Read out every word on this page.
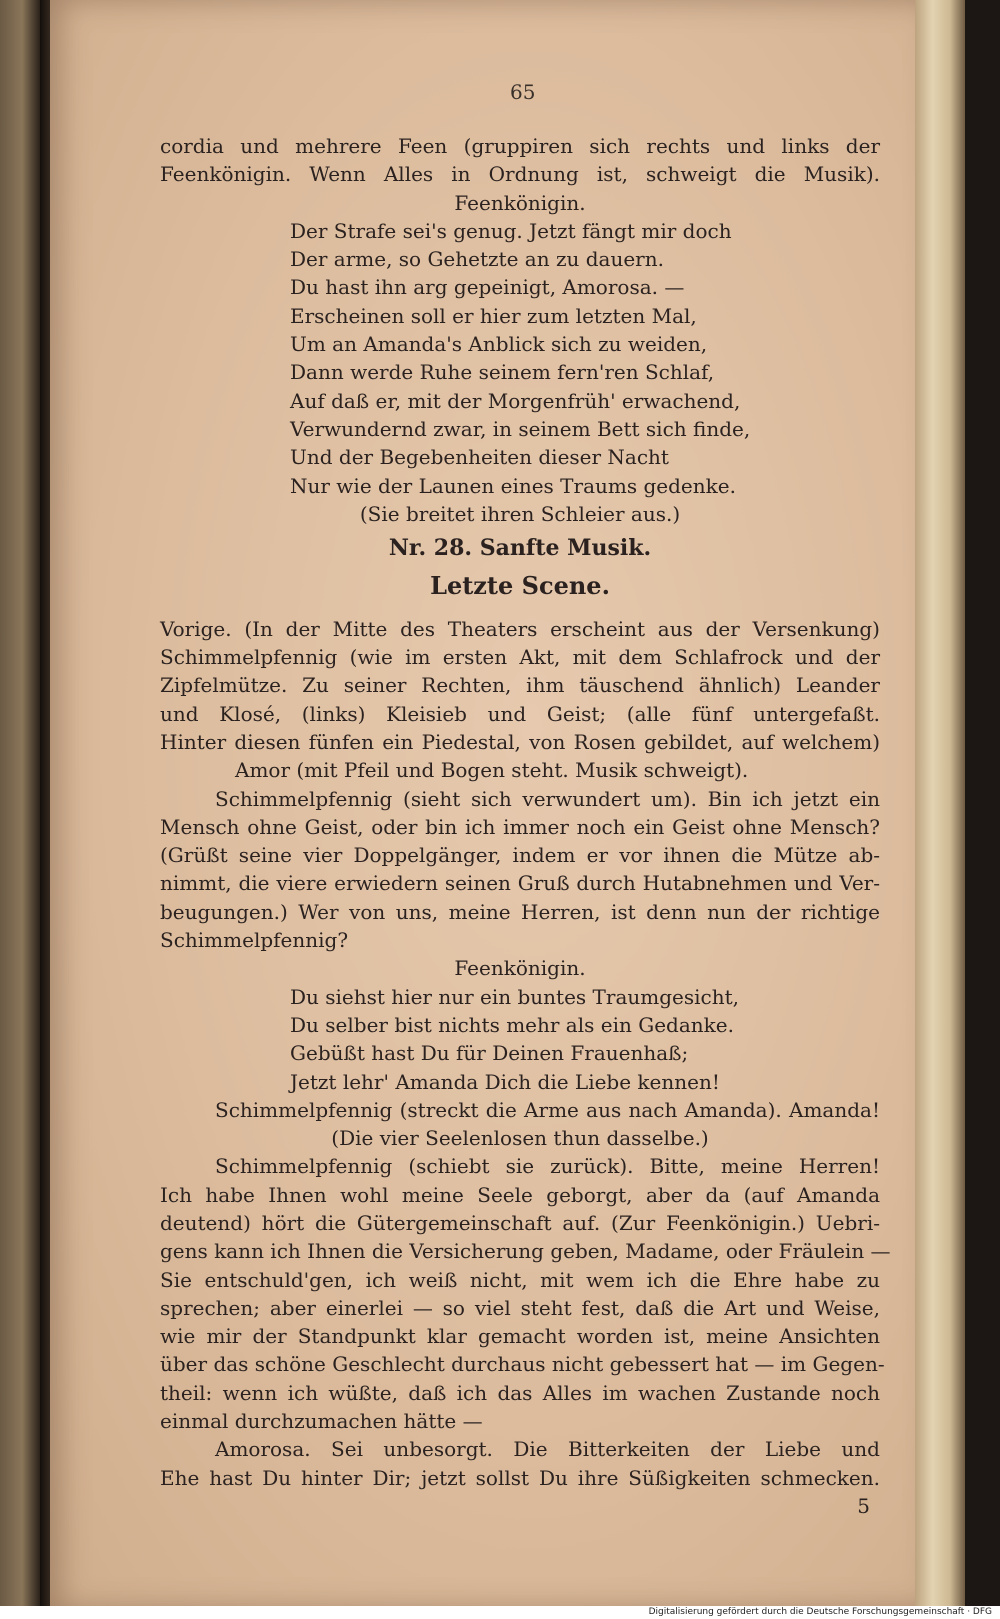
65
cordia und mehrere Feen (gruppiren sich rechts und links der
Feenkönigin. Wenn Alles in Ordnung ist, schweigt die Musik).
Feenkönigin.
Der Strafe sei's genug. Jetzt fängt mir doch
Der arme, so Gehetzte an zu dauern.
Du hast ihn arg gepeinigt, Amorosa. —
Erscheinen soll er hier zum letzten Mal,
Um an Amanda's Anblick sich zu weiden,
Dann werde Ruhe seinem fern'ren Schlaf,
Auf daß er, mit der Morgenfrüh' erwachend,
Verwundernd zwar, in seinem Bett sich finde,
Und der Begebenheiten dieser Nacht
Nur wie der Launen eines Traums gedenke.
(Sie breitet ihren Schleier aus.)
Nr. 28. Sanfte Musik.
Letzte Scene.
Vorige. (In der Mitte des Theaters erscheint aus der Versenkung)
Schimmelpfennig (wie im ersten Akt, mit dem Schlafrock und der
Zipfelmütze. Zu seiner Rechten, ihm täuschend ähnlich) Leander
und Klosé, (links) Kleisieb und Geist; (alle fünf untergefaßt.
Hinter diesen fünfen ein Piedestal, von Rosen gebildet, auf welchem)
Amor (mit Pfeil und Bogen steht. Musik schweigt).
Schimmelpfennig (sieht sich verwundert um). Bin ich jetzt ein
Mensch ohne Geist, oder bin ich immer noch ein Geist ohne Mensch?
(Grüßt seine vier Doppelgänger, indem er vor ihnen die Mütze ab-
nimmt, die viere erwiedern seinen Gruß durch Hutabnehmen und Ver-
beugungen.) Wer von uns, meine Herren, ist denn nun der richtige
Schimmelpfennig?
Feenkönigin.
Du siehst hier nur ein buntes Traumgesicht,
Du selber bist nichts mehr als ein Gedanke.
Gebüßt hast Du für Deinen Frauenhaß;
Jetzt lehr' Amanda Dich die Liebe kennen!
Schimmelpfennig (streckt die Arme aus nach Amanda). Amanda!
(Die vier Seelenlosen thun dasselbe.)
Schimmelpfennig (schiebt sie zurück). Bitte, meine Herren!
Ich habe Ihnen wohl meine Seele geborgt, aber da (auf Amanda
deutend) hört die Gütergemeinschaft auf. (Zur Feenkönigin.) Uebri-
gens kann ich Ihnen die Versicherung geben, Madame, oder Fräulein —
Sie entschuld'gen, ich weiß nicht, mit wem ich die Ehre habe zu
sprechen; aber einerlei — so viel steht fest, daß die Art und Weise,
wie mir der Standpunkt klar gemacht worden ist, meine Ansichten
über das schöne Geschlecht durchaus nicht gebessert hat — im Gegen-
theil: wenn ich wüßte, daß ich das Alles im wachen Zustande noch
einmal durchzumachen hätte —
Amorosa. Sei unbesorgt. Die Bitterkeiten der Liebe und
Ehe hast Du hinter Dir; jetzt sollst Du ihre Süßigkeiten schmecken.
5
Digitalisierung gefördert durch die Deutsche Forschungsgemeinschaft · DFG
